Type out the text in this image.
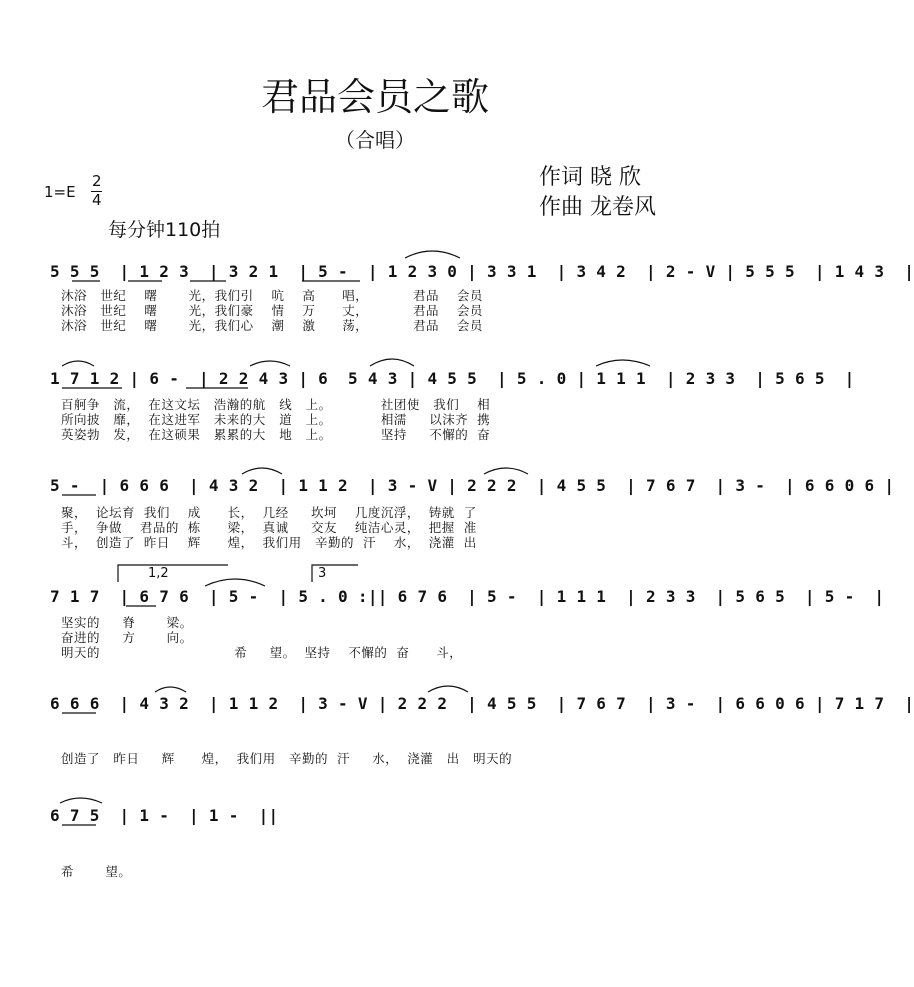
君品会员之歌
（合唱）
作词 晓 欣
作曲 龙卷风
1=E
2
4
每分钟110拍
5 5 5  | 1 2 3  | 3 2 1  | 5 -  | 1 2 3 0 | 3 3 1  | 3 4 2  | 2 - V | 5 5 5  | 1 4 3  |
沐浴   世纪    曙       光，我们引    吭    高      唱，          君品    会员
沐浴   世纪    曙       光，我们豪    情    万      丈，          君品    会员
沐浴   世纪    曙       光，我们心    潮    激      荡，          君品    会员
1 7 1 2 | 6 -  | 2 2 4 3 | 6  5 4 3 | 4 5 5  | 5 . 0 | 1 1 1  | 2 3 3  | 5 6 5  |
百舸争   流，  在这文坛   浩瀚的航   线   上。           社团使   我们    相
所向披   靡，  在这进军   未来的大   道   上。           相濡     以沫齐  携
英姿勃   发，  在这硕果   累累的大   地   上。           坚持     不懈的  奋
5 -  | 6 6 6  | 4 3 2  | 1 1 2  | 3 - V | 2 2 2  | 4 5 5  | 7 6 7  | 3 -  | 6 6 0 6 |
聚，  论坛育  我们    成      长，  几经     坎坷    几度沉浮，  铸就  了
手，  争做    君品的  栋      梁，  真诚     交友    纯洁心灵，  把握  准
斗，  创造了  昨日    辉      煌，  我们用   辛勤的  汗    水，  浇灌  出
1,2	3
7 1 7  | 6 7 6  | 5 -  | 5 . 0 :|| 6 7 6  | 5 -  | 1 1 1  | 2 3 3  | 5 6 5  | 5 -  |
坚实的     脊       梁。
奋进的     方       向。
明天的                              希     望。  坚持    不懈的  奋      斗，
6 6 6  | 4 3 2  | 1 1 2  | 3 - V | 2 2 2  | 4 5 5  | 7 6 7  | 3 -  | 6 6 0 6 | 7 1 7  |
创造了   昨日     辉      煌，  我们用   辛勤的  汗     水，  浇灌   出   明天的
6 7 5  | 1 -  | 1 -  ||
希       望。
